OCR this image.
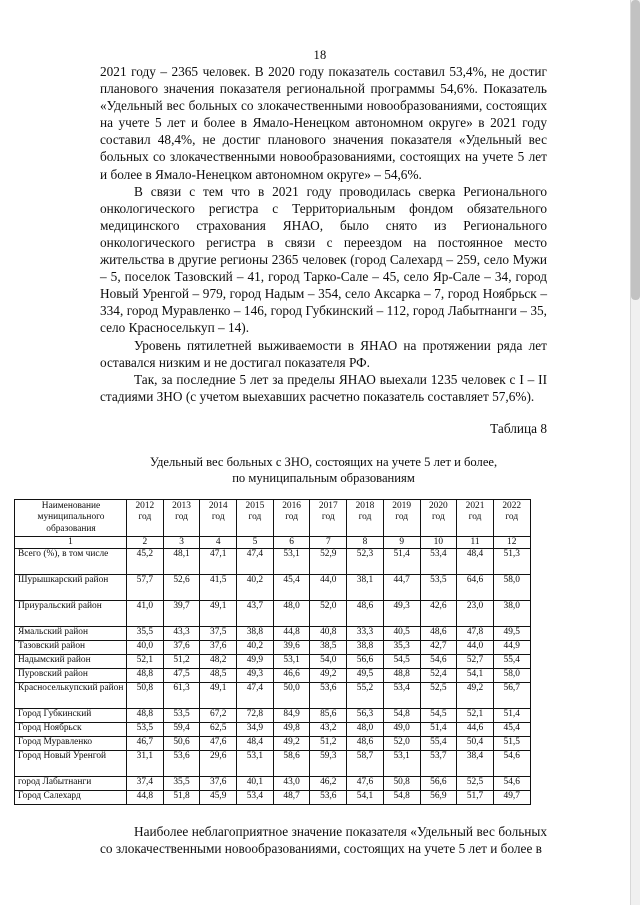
18

2021 году – 2365 человек. В 2020 году показатель составил 53,4%, не достиг планового значения показателя региональной программы 54,6%. Показатель «Удельный вес больных со злокачественными новообразованиями, состоящих на учете 5 лет и более в Ямало-Ненецком автономном округе» в 2021 году составил 48,4%, не достиг планового значения показателя «Удельный вес больных со злокачественными новообразованиями, состоящих на учете 5 лет и более в Ямало-Ненецком автономном округе» – 54,6%.

В связи с тем что в 2021 году проводилась сверка Регионального онкологического регистра с Территориальным фондом обязательного медицинского страхования ЯНАО, было снято из Регионального онкологического регистра в связи с переездом на постоянное место жительства в другие регионы 2365 человек (город Салехард – 259, село Мужи – 5, поселок Тазовский – 41, город Тарко-Сале – 45, село Яр-Сале – 34, город Новый Уренгой – 979, город Надым – 354, село Аксарка – 7, город Ноябрьск – 334, город Муравленко – 146, город Губкинский – 112, город Лабытнанги – 35, село Красноселькуп – 14).

Уровень пятилетней выживаемости в ЯНАО на протяжении ряда лет оставался низким и не достигал показателя РФ.

Так, за последние 5 лет за пределы ЯНАО выехали 1235 человек с I – II стадиями ЗНО (с учетом выехавших расчетно показатель составляет 57,6%).

Таблица 8

Удельный вес больных с ЗНО, состоящих на учете 5 лет и более,

по муниципальным образованиям

Наименование муниципального образования	2012 год	2013 год	2014 год	2015 год	2016 год	2017 год	2018 год	2019 год	2020 год	2021 год	2022 год
1	2	3	4	5	6	7	8	9	10	11	12
Всего (%), в том числе	45,2	48,1	47,1	47,4	53,1	52,9	52,3	51,4	53,4	48,4	51,3
Шурышкарский район	57,7	52,6	41,5	40,2	45,4	44,0	38,1	44,7	53,5	64,6	58,0
Приуральский район	41,0	39,7	49,1	43,7	48,0	52,0	48,6	49,3	42,6	23,0	38,0
Ямальский район	35,5	43,3	37,5	38,8	44,8	40,8	33,3	40,5	48,6	47,8	49,5
Тазовский район	40,0	37,6	37,6	40,2	39,6	38,5	38,8	35,3	42,7	44,0	44,9
Надымский район	52,1	51,2	48,2	49,9	53,1	54,0	56,6	54,5	54,6	52,7	55,4
Пуровский район	48,8	47,5	48,5	49,3	46,6	49,2	49,5	48,8	52,4	54,1	58,0
Красноселькупский район	50,8	61,3	49,1	47,4	50,0	53,6	55,2	53,4	52,5	49,2	56,7
Город Губкинский	48,8	53,5	67,2	72,8	84,9	85,6	56,3	54,8	54,5	52,1	51,4
Город Ноябрьск	53,5	59,4	62,5	34,9	49,8	43,2	48,0	49,0	51,4	44,6	45,4
Город Муравленко	46,7	50,6	47,6	48,4	49,2	51,2	48,6	52,0	55,4	50,4	51,5
Город Новый Уренгой	31,1	53,6	29,6	53,1	58,6	59,3	58,7	53,1	53,7	38,4	54,6
город Лабытнанги	37,4	35,5	37,6	40,1	43,0	46,2	47,6	50,8	56,6	52,5	54,6
Город Салехард	44,8	51,8	45,9	53,4	48,7	53,6	54,1	54,8	56,9	51,7	49,7

Наиболее неблагоприятное значение показателя «Удельный вес больных со злокачественными новообразованиями, состоящих на учете 5 лет и более в
